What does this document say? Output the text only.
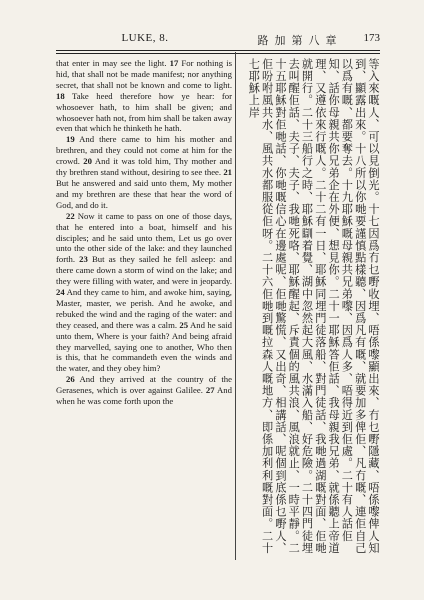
LUKE, 8.	路加第八章	173

that enter in may see the light. 17 For nothing is hid, that shall not be made manifest; nor anything secret, that shall not be known and come to light. 18 Take heed therefore how ye hear: for whosoever hath, to him shall be given; and whosoever hath not, from him shall be taken away even that which he thinketh he hath.

19 And there came to him his mother and brethren, and they could not come at him for the crowd. 20 And it was told him, Thy mother and thy brethren stand without, desiring to see thee. 21 But he answered and said unto them, My mother and my brethren are these that hear the word of God, and do it.

22 Now it came to pass on one of those days, that he entered into a boat, himself and his disciples; and he said unto them, Let us go over unto the other side of the lake: and they launched forth. 23 But as they sailed he fell asleep: and there came down a storm of wind on the lake; and they were filling with water, and were in jeopardy. 24 And they came to him, and awoke him, saying, Master, master, we perish. And he awoke, and rebuked the wind and the raging of the water: and they ceased, and there was a calm. 25 And he said unto them, Where is your faith? And being afraid they marvelled, saying one to another, Who then is this, that he commandeth even the winds and the water, and they obey him?

26 And they arrived at the country of the Gerasenes, which is over against Galilee. 27 And when he was come forth upon the	等入來嘅人、可以見倒光。十七因爲冇乜嘢收埋、唔係嚟顯出來、冇乜嘢隱藏、唔係嚟俾人知到、顯露出來。十八所以你哋要謹慎點樣聽、因爲凡有嘅、就要加多俾佢、凡冇嘅、連佢自己以爲有嘅、都要奪去。十九耶穌嘅母親共兄弟嚟、因爲人多、唔得近到佢處。二十有人話佢知、話你母親共你兄弟企在外便、想見你。二十一耶穌答佢話、我母親我兄弟、就係聽上帝道理、又遵依來行嘅人。二十二有一日、耶穌同埋門徒落船、對門徒話、我哋過湖嘅對面、佢哋就開行。二十三船行之時、耶穌瞓着覺、湖中忽然起大風、水滿入船、好危險。二十四門徒埋去叫醒佢話、夫子、夫子、我哋死咯、耶穌醒起、斥責個的風共浪、風浪就止、一時平靜。二十五耶穌對佢哋話、你哋嘅信心在邊處呢、佢哋驚慌、又出奇、相講話、呢個到底係乜嘢人、佢吩咐風共水、風共水都服從佢呀。二十六佢哋到嘅拉森人嘅地方、即係加利利嘅對面。二十七耶穌上岸
